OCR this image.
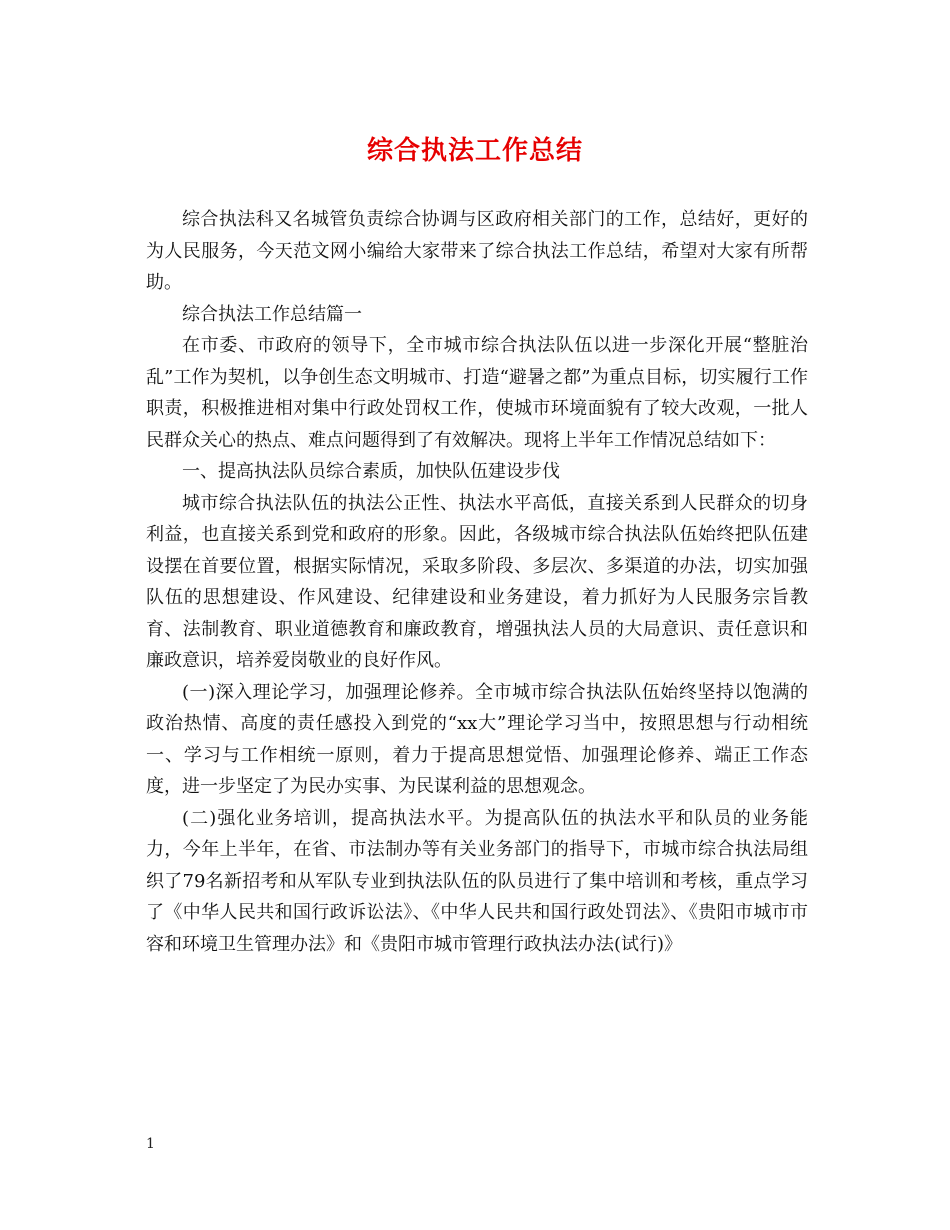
综合执法工作总结

综合执法科又名城管负责综合协调与区政府相关部门的工作，总结好，更好的为人民服务，今天范文网小编给大家带来了综合执法工作总结，希望对大家有所帮助。

综合执法工作总结篇一

在市委、市政府的领导下，全市城市综合执法队伍以进一步深化开展“整脏治乱”工作为契机，以争创生态文明城市、打造“避暑之都”为重点目标，切实履行工作职责，积极推进相对集中行政处罚权工作，使城市环境面貌有了较大改观，一批人民群众关心的热点、难点问题得到了有效解决。现将上半年工作情况总结如下：

一、提高执法队员综合素质，加快队伍建设步伐

城市综合执法队伍的执法公正性、执法水平高低，直接关系到人民群众的切身利益，也直接关系到党和政府的形象。因此，各级城市综合执法队伍始终把队伍建设摆在首要位置，根据实际情况，采取多阶段、多层次、多渠道的办法，切实加强队伍的思想建设、作风建设、纪律建设和业务建设，着力抓好为人民服务宗旨教育、法制教育、职业道德教育和廉政教育，增强执法人员的大局意识、责任意识和廉政意识，培养爱岗敬业的良好作风。

(一)深入理论学习，加强理论修养。全市城市综合执法队伍始终坚持以饱满的政治热情、高度的责任感投入到党的“xx大”理论学习当中，按照思想与行动相统一、学习与工作相统一原则，着力于提高思想觉悟、加强理论修养、端正工作态度，进一步坚定了为民办实事、为民谋利益的思想观念。

(二)强化业务培训，提高执法水平。为提高队伍的执法水平和队员的业务能力，今年上半年，在省、市法制办等有关业务部门的指导下，市城市综合执法局组织了79名新招考和从军队专业到执法队伍的队员进行了集中培训和考核，重点学习了《中华人民共和国行政诉讼法》、《中华人民共和国行政处罚法》、《贵阳市城市市容和环境卫生管理办法》和《贵阳市城市管理行政执法办法(试行)》

1
